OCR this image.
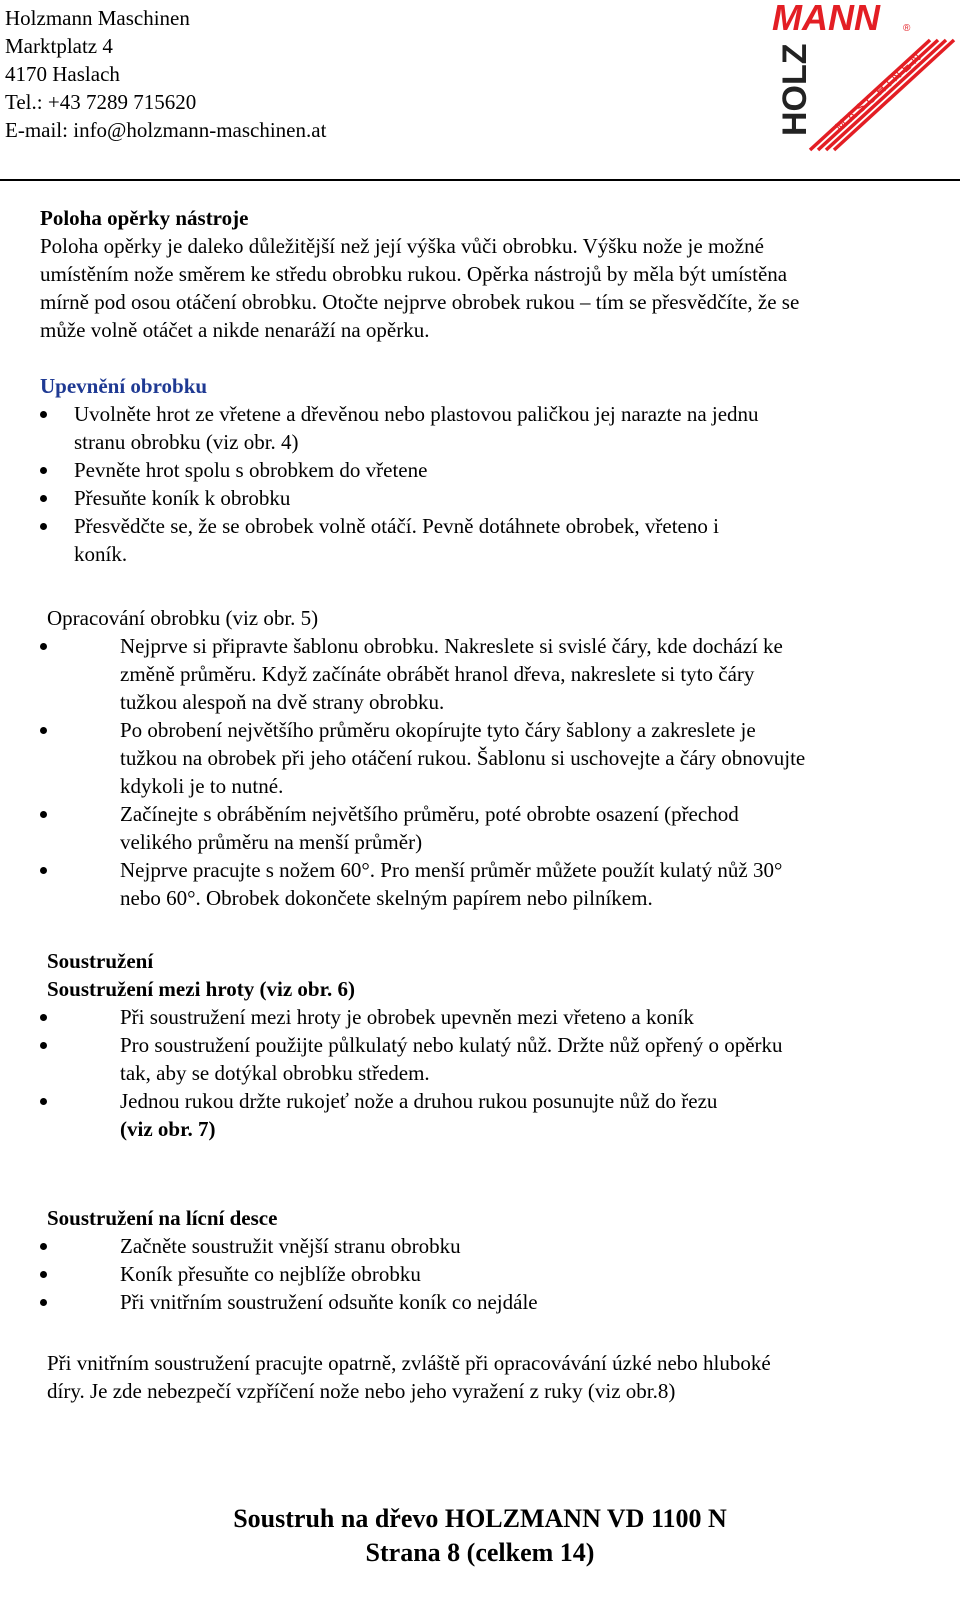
Holzmann Maschinen
Marktplatz 4
4170 Haslach
Tel.: +43 7289 715620
E-mail: info@holzmann-maschinen.at
MANN ®
HOLZ MASCHINEN
Poloha opěrky nástroje
Poloha opěrky je daleko důležitější než její výška vůči obrobku. Výšku nože je možné
umístěním nože směrem ke středu obrobku rukou. Opěrka nástrojů by měla být umístěna
mírně pod osou otáčení obrobku. Otočte nejprve obrobek rukou – tím se přesvědčíte, že se
může volně otáčet a nikde nenaráží na opěrku.
Upevnění obrobku
Uvolněte hrot ze vřetene a dřevěnou nebo plastovou paličkou jej narazte na jednu
stranu obrobku (viz obr. 4)
Pevněte hrot spolu s obrobkem do vřetene
Přesuňte koník k obrobku
Přesvědčte se, že se obrobek volně otáčí. Pevně dotáhnete obrobek, vřeteno i
koník.
Opracování obrobku (viz obr. 5)
Nejprve si připravte šablonu obrobku. Nakreslete si svislé čáry, kde dochází ke
změně průměru. Když začínáte obrábět hranol dřeva, nakreslete si tyto čáry
tužkou alespoň na dvě strany obrobku.
Po obrobení největšího průměru okopírujte tyto čáry šablony a zakreslete je
tužkou na obrobek při jeho otáčení rukou. Šablonu si uschovejte a čáry obnovujte
kdykoli je to nutné.
Začínejte s obráběním největšího průměru, poté obrobte osazení (přechod
velikého průměru na menší průměr)
Nejprve pracujte s nožem 60°. Pro menší průměr můžete použít kulatý nůž 30°
nebo 60°. Obrobek dokončete skelným papírem nebo pilníkem.
Soustružení
Soustružení mezi hroty (viz obr. 6)
Při soustružení mezi hroty je obrobek upevněn mezi vřeteno a koník
Pro soustružení použijte půlkulatý nebo kulatý nůž. Držte nůž opřený o opěrku
tak, aby se dotýkal obrobku středem.
Jednou rukou držte rukojeť nože a druhou rukou posunujte nůž do řezu
(viz obr. 7)
Soustružení na lícní desce
Začněte soustružit vnější stranu obrobku
Koník přesuňte co nejblíže obrobku
Při vnitřním soustružení odsuňte koník co nejdále
Při vnitřním soustružení pracujte opatrně, zvláště při opracovávání úzké nebo hluboké
díry. Je zde nebezpečí vzpříčení nože nebo jeho vyražení z ruky (viz obr.8)
Soustruh na dřevo HOLZMANN VD 1100 N
Strana 8 (celkem 14)
